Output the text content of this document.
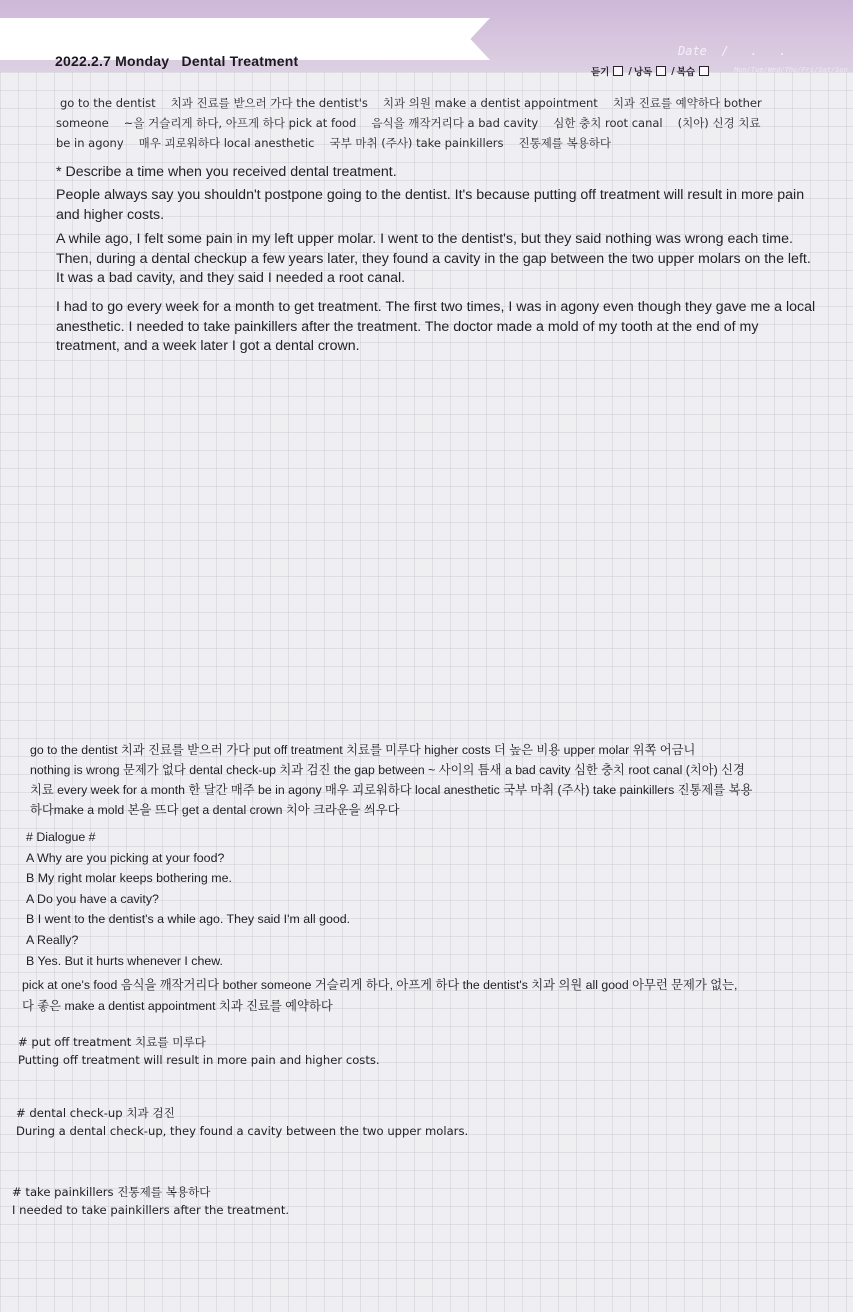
2022.2.7 Monday   Dental Treatment
Date  /   .   .
Mon/Tue/Wed/Thu/Fri/Sat/Sun
듣기 / 낭독 / 복습
go to the dentist 치과 진료를 받으러 가다 the dentist's 치과 의원 make a dentist appointment 치과 진료를 예약하다 bother
someone ~을 거슬리게 하다, 아프게 하다 pick at food 음식을 깨작거리다 a bad cavity 심한 충치 root canal (치아) 신경 치료
be in agony 매우 괴로워하다 local anesthetic 국부 마취 (주사) take painkillers 진통제를 복용하다
* Describe a time when you received dental treatment.
People always say you shouldn't postpone going to the dentist. It's because putting off treatment will result in more pain and higher costs.
A while ago, I felt some pain in my left upper molar. I went to the dentist's, but they said nothing was wrong each time. Then, during a dental checkup a few years later, they found a cavity in the gap between the two upper molars on the left. It was a bad cavity, and they said I needed a root canal.
I had to go every week for a month to get treatment. The first two times, I was in agony even though they gave me a local anesthetic. I needed to take painkillers after the treatment. The doctor made a mold of my tooth at the end of my treatment, and a week later I got a dental crown.
go to the dentist 치과 진료를 받으러 가다 put off treatment 치료를 미루다 higher costs 더 높은 비용 upper molar 위쪽 어금니
nothing is wrong 문제가 없다 dental check-up 치과 검진 the gap between ~ 사이의 틈새 a bad cavity 심한 충치 root canal (치아) 신경
치료 every week for a month 한 달간 매주 be in agony 매우 괴로워하다 local anesthetic 국부 마취 (주사) take painkillers 진통제를 복용
하다make a mold 본을 뜨다 get a dental crown 치아 크라운을 씌우다
# Dialogue #
A Why are you picking at your food?
B My right molar keeps bothering me.
A Do you have a cavity?
B I went to the dentist's a while ago. They said I'm all good.
A Really?
B Yes. But it hurts whenever I chew.
pick at one's food 음식을 깨작거리다 bother someone 거슬리게 하다, 아프게 하다 the dentist's 치과 의원 all good 아무런 문제가 없는,
다 좋은 make a dentist appointment 치과 진료를 예약하다
# put off treatment 치료를 미루다
Putting off treatment will result in more pain and higher costs.
# dental check-up 치과 검진
During a dental check-up, they found a cavity between the two upper molars.
# take painkillers 진통제를 복용하다
I needed to take painkillers after the treatment.
